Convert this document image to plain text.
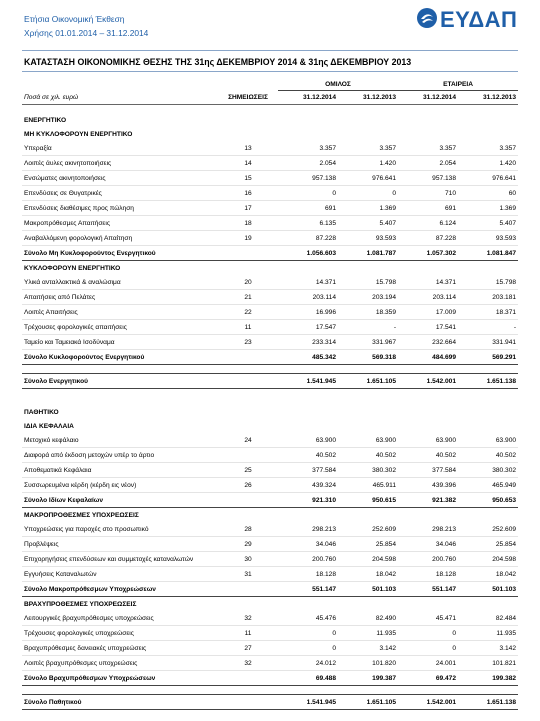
Ετήσια Οικονομική Έκθεση
Χρήσης 01.01.2014 – 31.12.2014
ΕΥΔΑΠ
ΚΑΤΑΣΤΑΣΗ ΟΙΚΟΝΟΜΙΚΗΣ ΘΕΣΗΣ ΤΗΣ 31ης ΔΕΚΕΜΒΡΙΟΥ 2014 & 31ης ΔΕΚΕΜΒΡΙΟΥ 2013
		ΟΜΙΛΟΣ		ΕΤΑΙΡΕΙΑ	
Ποσά σε χιλ. ευρώ	ΣΗΜΕΙΩΣΕΙΣ	31.12.2014	31.12.2013	31.12.2014	31.12.2013

ΕΝΕΡΓΗΤΙΚΟ					
ΜΗ ΚΥΚΛΟΦΟΡΟΥΝ ΕΝΕΡΓΗΤΙΚΟ					
Υπεραξία	13	3.357	3.357	3.357	3.357
Λοιπές άυλες ακινητοποιήσεις	14	2.054	1.420	2.054	1.420
Ενσώματες ακινητοποιήσεις	15	957.138	976.641	957.138	976.641
Επενδύσεις σε Θυγατρικές	16	0	0	710	60
Επενδύσεις διαθέσιμες προς πώληση	17	691	1.369	691	1.369
Μακροπρόθεσμες Απαιτήσεις	18	6.135	5.407	6.124	5.407
Αναβαλλόμενη φορολογική Απαίτηση	19	87.228	93.593	87.228	93.593
Σύνολο Μη Κυκλοφορούντος Ενεργητικού		1.056.603	1.081.787	1.057.302	1.081.847
ΚΥΚΛΟΦΟΡΟΥΝ ΕΝΕΡΓΗΤΙΚΟ					
Υλικά ανταλλακτικά & αναλώσιμα	20	14.371	15.798	14.371	15.798
Απαιτήσεις από Πελάτες	21	203.114	203.194	203.114	203.181
Λοιπές Απαιτήσεις	22	16.996	18.359	17.009	18.371
Τρέχουσες φορολογικές απαιτήσεις	11	17.547	-	17.541	-
Ταμείο και Ταμειακά Ισοδύναμα	23	233.314	331.967	232.664	331.941
Σύνολο Κυκλοφορούντος Ενεργητικού		485.342	569.318	484.699	569.291

Σύνολο Ενεργητικού		1.541.945	1.651.105	1.542.001	1.651.138

ΠΑΘΗΤΙΚΟ					
ΙΔΙΑ ΚΕΦΑΛΑΙΑ					
Μετοχικό κεφάλαιο	24	63.900	63.900	63.900	63.900
Διαφορά από έκδοση μετοχών υπέρ το άρτιο		40.502	40.502	40.502	40.502
Αποθεματικά Κεφάλαια	25	377.584	380.302	377.584	380.302
Συσσωρευμένα κέρδη (κέρδη εις νέον)	26	439.324	465.911	439.396	465.949
Σύνολο Ιδίων Κεφαλαίων		921.310	950.615	921.382	950.653
ΜΑΚΡΟΠΡΟΘΕΣΜΕΣ ΥΠΟΧΡΕΩΣΕΙΣ					
Υποχρεώσεις για παροχές στο προσωπικό	28	298.213	252.609	298.213	252.609
Προβλέψεις	29	34.046	25.854	34.046	25.854
Επιχορηγήσεις επενδύσεων και συμμετοχές καταναλωτών	30	200.760	204.598	200.760	204.598
Εγγυήσεις Καταναλωτών	31	18.128	18.042	18.128	18.042
Σύνολο Μακροπρόθεσμων Υποχρεώσεων		551.147	501.103	551.147	501.103
ΒΡΑΧΥΠΡΟΘΕΣΜΕΣ ΥΠΟΧΡΕΩΣΕΙΣ					
Λειτουργικές βραχυπρόθεσμες υποχρεώσεις	32	45.476	82.490	45.471	82.484
Τρέχουσες φορολογικές υποχρεώσεις	11	0	11.935	0	11.935
Βραχυπρόθεσμες δανειακές υποχρεώσεις	27	0	3.142	0	3.142
Λοιπές βραχυπρόθεσμες υποχρεώσεις	32	24.012	101.820	24.001	101.821
Σύνολο Βραχυπρόθεσμων Υποχρεώσεων		69.488	199.387	69.472	199.382

Σύνολο Παθητικού		1.541.945	1.651.105	1.542.001	1.651.138
